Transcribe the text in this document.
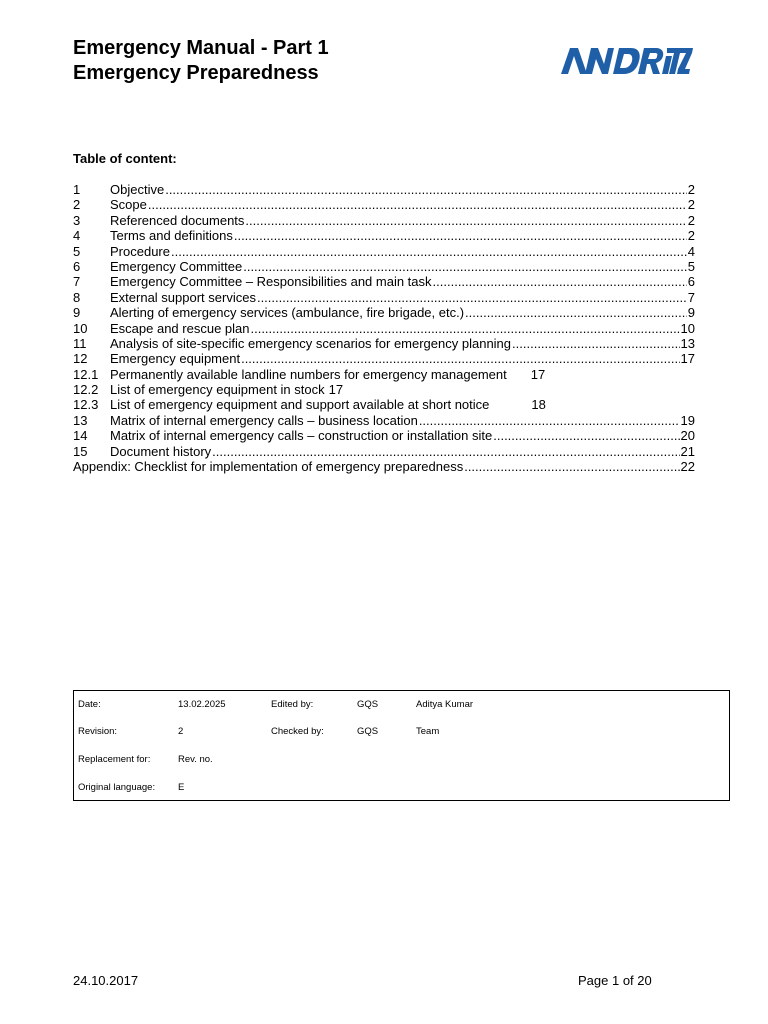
Emergency Manual - Part 1
Emergency Preparedness
Table of content:
1	Objective .....	2
2	Scope .....	2
3	Referenced documents .....	2
4	Terms and definitions .....	2
5	Procedure .....	4
6	Emergency Committee .....	5
7	Emergency Committee – Responsibilities and main task .....	6
8	External support services .....	7
9	Alerting of emergency services (ambulance, fire brigade, etc.) .....	9
10	Escape and rescue plan .....	10
11	Analysis of site-specific emergency scenarios for emergency planning .....	13
12	Emergency equipment .....	17
12.1 Permanently available landline numbers for emergency management 17
12.2 List of emergency equipment in stock 17
12.3 List of emergency equipment and support available at short notice	18
13	Matrix of internal emergency calls – business location .....	19
14	Matrix of internal emergency calls – construction or installation site .....	20
15	Document history .....	21
Appendix: Checklist for implementation of emergency preparedness .....	22
Date:	13.02.2025	Edited by:	GQS	Aditya Kumar
Revision:	2	Checked by:	GQS	Team
Replacement for:	Rev. no.
Original language: E
24.10.2017	Page 1 of 20
